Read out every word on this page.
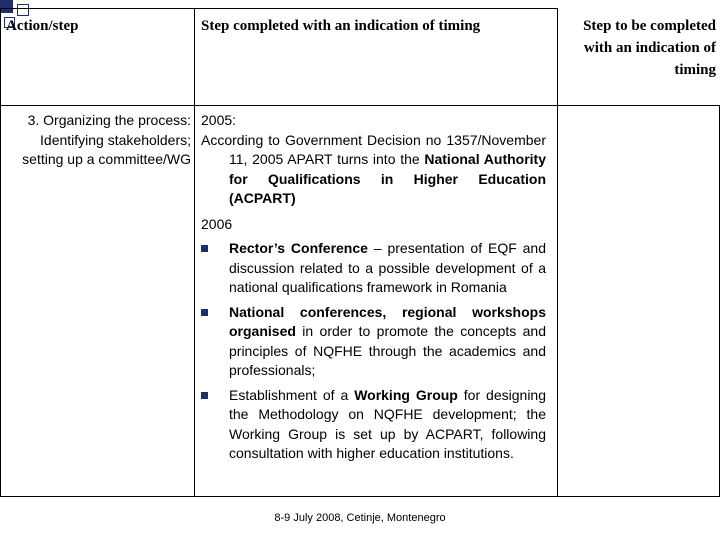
Action/step	Step completed with an indication of timing	Step to be completed with an indication of timing
3. Organizing the process: Identifying stakeholders; setting up a committee/WG
2005:
According to Government Decision no 1357/November 11, 2005 APART turns into the National Authority for Qualifications in Higher Education (ACPART)
2006
Rector’s Conference – presentation of EQF and discussion related to a possible development of a national qualifications framework in Romania
National conferences, regional workshops organised in order to promote the concepts and principles of NQFHE through the academics and professionals;
Establishment of a Working Group for designing the Methodology on NQFHE development; the Working Group is set up by ACPART, following consultation with higher education institutions.
8-9 July 2008, Cetinje, Montenegro
